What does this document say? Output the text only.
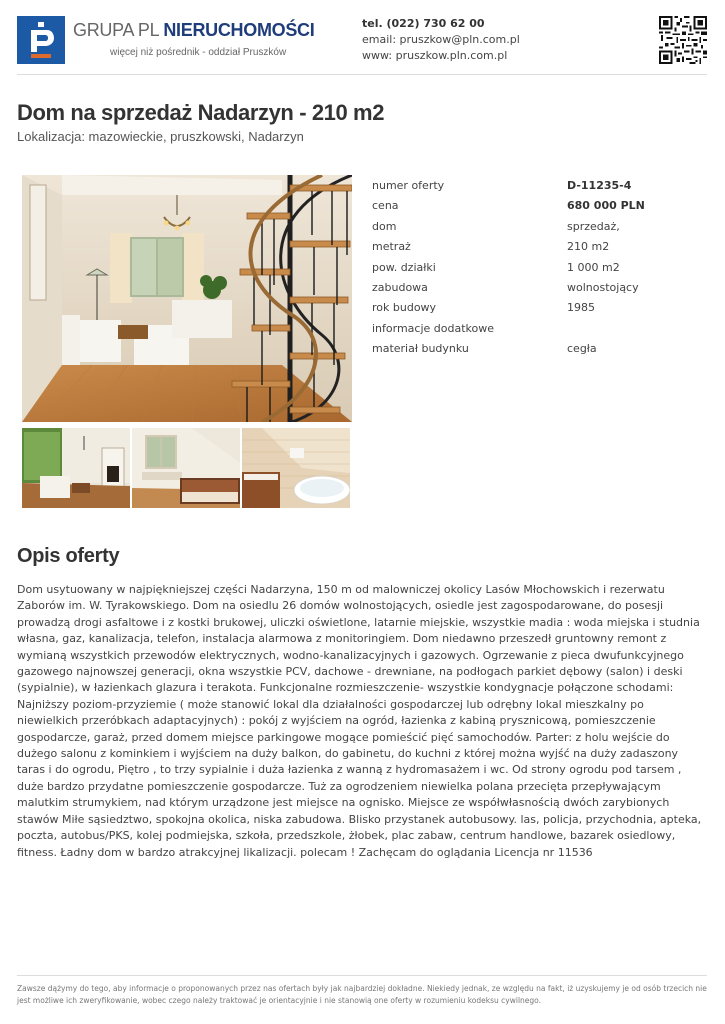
GRUPA PL NIERUCHOMOŚCI
więcej niż pośrednik - oddział Pruszków
tel. (022) 730 62 00
email: pruszkow@pln.com.pl
www: pruszkow.pln.com.pl
Dom na sprzedaż Nadarzyn - 210 m2
Lokalizacja: mazowieckie, pruszkowski, Nadarzyn
numer oferty	D-11235-4
cena	680 000 PLN
dom	sprzedaż,
metraż	210 m2
pow. działki	1 000 m2
zabudowa	wolnostojący
rok budowy	1985
informacje dodatkowe
materiał budynku	cegła
Opis oferty
Dom usytuowany w najpiękniejszej części Nadarzyna, 150 m od malowniczej okolicy Lasów Młochowskich i rezerwatu Zaborów im. W. Tyrakowskiego. Dom na osiedlu 26 domów wolnostojących, osiedle jest zagospodarowane, do posesji prowadzą drogi asfaltowe i z kostki brukowej, uliczki oświetlone, latarnie miejskie, wszystkie madia : woda miejska i studnia własna, gaz, kanalizacja, telefon, instalacja alarmowa z monitoringiem. Dom niedawno przeszedł gruntowny remont z wymianą wszystkich przewodów elektrycznych, wodno-kanalizacyjnych i gazowych. Ogrzewanie z pieca dwufunkcyjnego gazowego najnowszej generacji, okna wszystkie PCV, dachowe - drewniane, na podłogach parkiet dębowy (salon) i deski (sypialnie), w łazienkach glazura i terakota. Funkcjonalne rozmieszczenie- wszystkie kondygnacje połączone schodami: Najniższy poziom-przyziemie ( może stanowić lokal dla działalności gospodarczej lub odrębny lokal mieszkalny po niewielkich przeróbkach adaptacyjnych) : pokój z wyjściem na ogród, łazienka z kabiną prysznicową, pomieszczenie gospodarcze, garaż, przed domem miejsce parkingowe mogące pomieścić pięć samochodów. Parter: z holu wejście do dużego salonu z kominkiem i wyjściem na duży balkon, do gabinetu, do kuchni z której można wyjść na duży zadaszony taras i do ogrodu, Piętro , to trzy sypialnie i duża łazienka z wanną z hydromasażem i wc. Od strony ogrodu pod tarsem , duże bardzo przydatne pomieszczenie gospodarcze. Tuż za ogrodzeniem niewielka polana przecięta przepływającym malutkim strumykiem, nad którym urządzone jest miejsce na ognisko. Miejsce ze współwłasnością dwóch zarybionych stawów Miłe sąsiedztwo, spokojna okolica, niska zabudowa. Blisko przystanek autobusowy. las, policja, przychodnia, apteka, poczta, autobus/PKS, kolej podmiejska, szkoła, przedszkole, żłobek, plac zabaw, centrum handlowe, bazarek osiedlowy, fitness. Ładny dom w bardzo atrakcyjnej likalizacji. polecam ! Zachęcam do oglądania Licencja nr 11536
Zawsze dążymy do tego, aby informacje o proponowanych przez nas ofertach były jak najbardziej dokładne. Niekiedy jednak, ze względu na fakt, iż uzyskujemy je od osób trzecich nie jest możliwe ich zweryfikowanie, wobec czego należy traktować je orientacyjnie i nie stanowią one oferty w rozumieniu kodeksu cywilnego.
